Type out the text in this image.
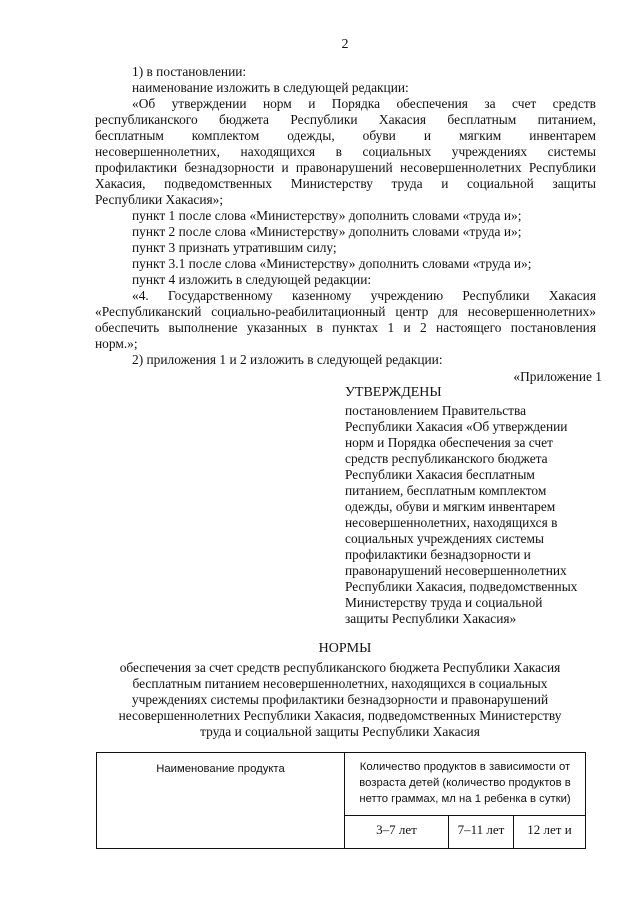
2
1) в постановлении:
наименование изложить в следующей редакции:
«Об утверждении норм и Порядка обеспечения за счет средств
республиканского бюджета Республики Хакасия бесплатным питанием,
бесплатным комплектом одежды, обуви и мягким инвентарем
несовершеннолетних, находящихся в социальных учреждениях системы
профилактики безнадзорности и правонарушений несовершеннолетних Республики
Хакасия, подведомственных Министерству труда и социальной защиты
Республики Хакасия»;
пункт 1 после слова «Министерству» дополнить словами «труда и»;
пункт 2 после слова «Министерству» дополнить словами «труда и»;
пункт 3 признать утратившим силу;
пункт 3.1 после слова «Министерству» дополнить словами «труда и»;
пункт 4 изложить в следующей редакции:
«4. Государственному казенному учреждению Республики Хакасия
«Республиканский социально-реабилитационный центр для несовершеннолетних»
обеспечить выполнение указанных в пунктах 1 и 2 настоящего постановления
норм.»;
2) приложения 1 и 2 изложить в следующей редакции:
«Приложение 1
УТВЕРЖДЕНЫ
постановлением Правительства
Республики Хакасия «Об утверждении
норм и Порядка обеспечения за счет
средств республиканского бюджета
Республики Хакасия бесплатным
питанием, бесплатным комплектом
одежды, обуви и мягким инвентарем
несовершеннолетних, находящихся в
социальных учреждениях системы
профилактики безнадзорности и
правонарушений несовершеннолетних
Республики Хакасия, подведомственных
Министерству труда и социальной
защиты Республики Хакасия»
НОРМЫ
обеспечения за счет средств республиканского бюджета Республики Хакасия
бесплатным питанием несовершеннолетних, находящихся в социальных
учреждениях системы профилактики безнадзорности и правонарушений
несовершеннолетних Республики Хакасия, подведомственных Министерству
труда и социальной защиты Республики Хакасия
Наименование продукта	Количество продуктов в зависимости от
возраста детей (количество продуктов в
нетто граммах, мл на 1 ребенка в сутки)		

	3–7 лет	7–11 лет	12 лет и
